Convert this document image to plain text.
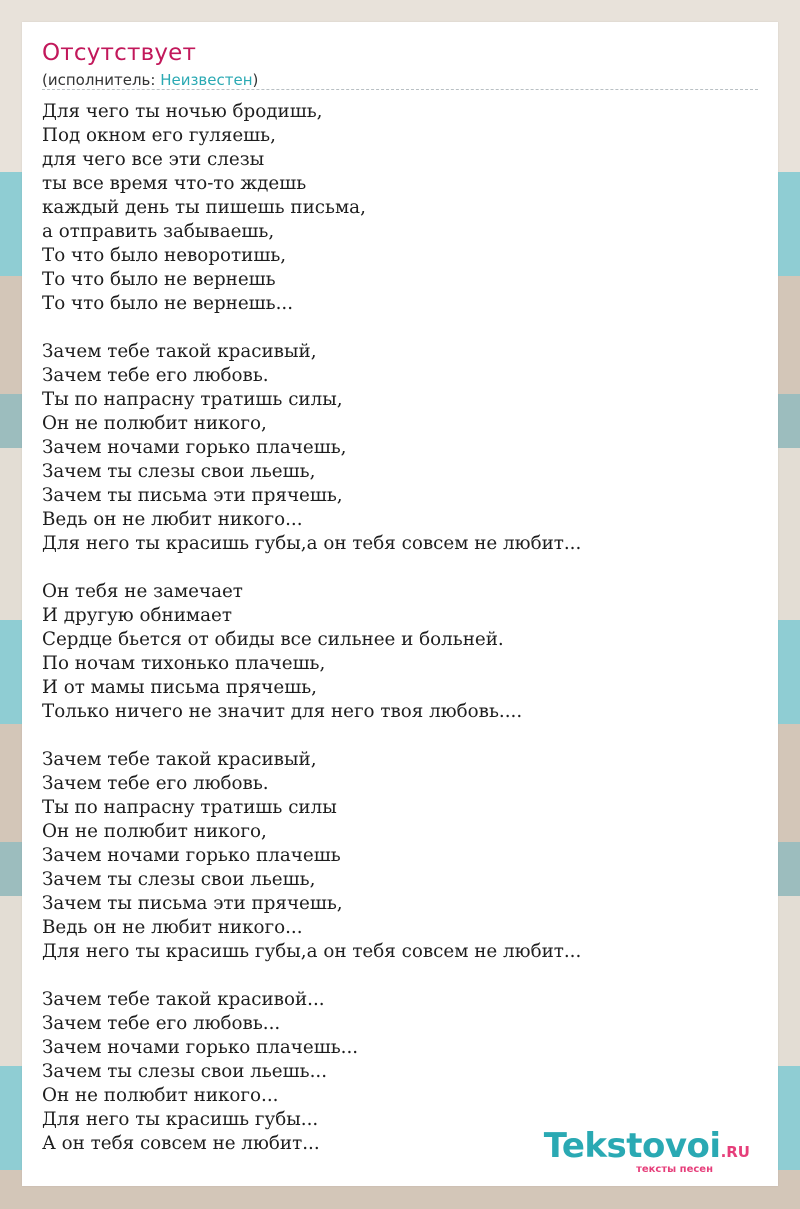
Отсутствует
(исполнитель: Неизвестен)
Для чего ты ночью бродишь,
Под окном его гуляешь,
для чего все эти слезы
ты все время что-то ждешь
каждый день ты пишешь письма,
а отправить забываешь,
То что было неворотишь,
То что было не вернешь
То что было не вернешь...
Зачем тебе такой красивый,
Зачем тебе его любовь.
Ты по напрасну тратишь силы,
Он не полюбит никого,
Зачем ночами горько плачешь,
Зачем ты слезы свои льешь,
Зачем ты письма эти прячешь,
Ведь он не любит никого...
Для него ты красишь губы,а он тебя совсем не любит...
Он тебя не замечает
И другую обнимает
Сердце бьется от обиды все сильнее и больней.
По ночам тихонько плачешь,
И от мамы письма прячешь,
Только ничего не значит для него твоя любовь....
Зачем тебе такой красивый,
Зачем тебе его любовь.
Ты по напрасну тратишь силы
Он не полюбит никого,
Зачем ночами горько плачешь
Зачем ты слезы свои льешь,
Зачем ты письма эти прячешь,
Ведь он не любит никого...
Для него ты красишь губы,а он тебя совсем не любит...
Зачем тебе такой красивой...
Зачем тебе его любовь...
Зачем ночами горько плачешь...
Зачем ты слезы свои льешь...
Он не полюбит никого...
Для него ты красишь губы...
А он тебя совсем не любит...	Tekstovoi.RU
тексты песен
